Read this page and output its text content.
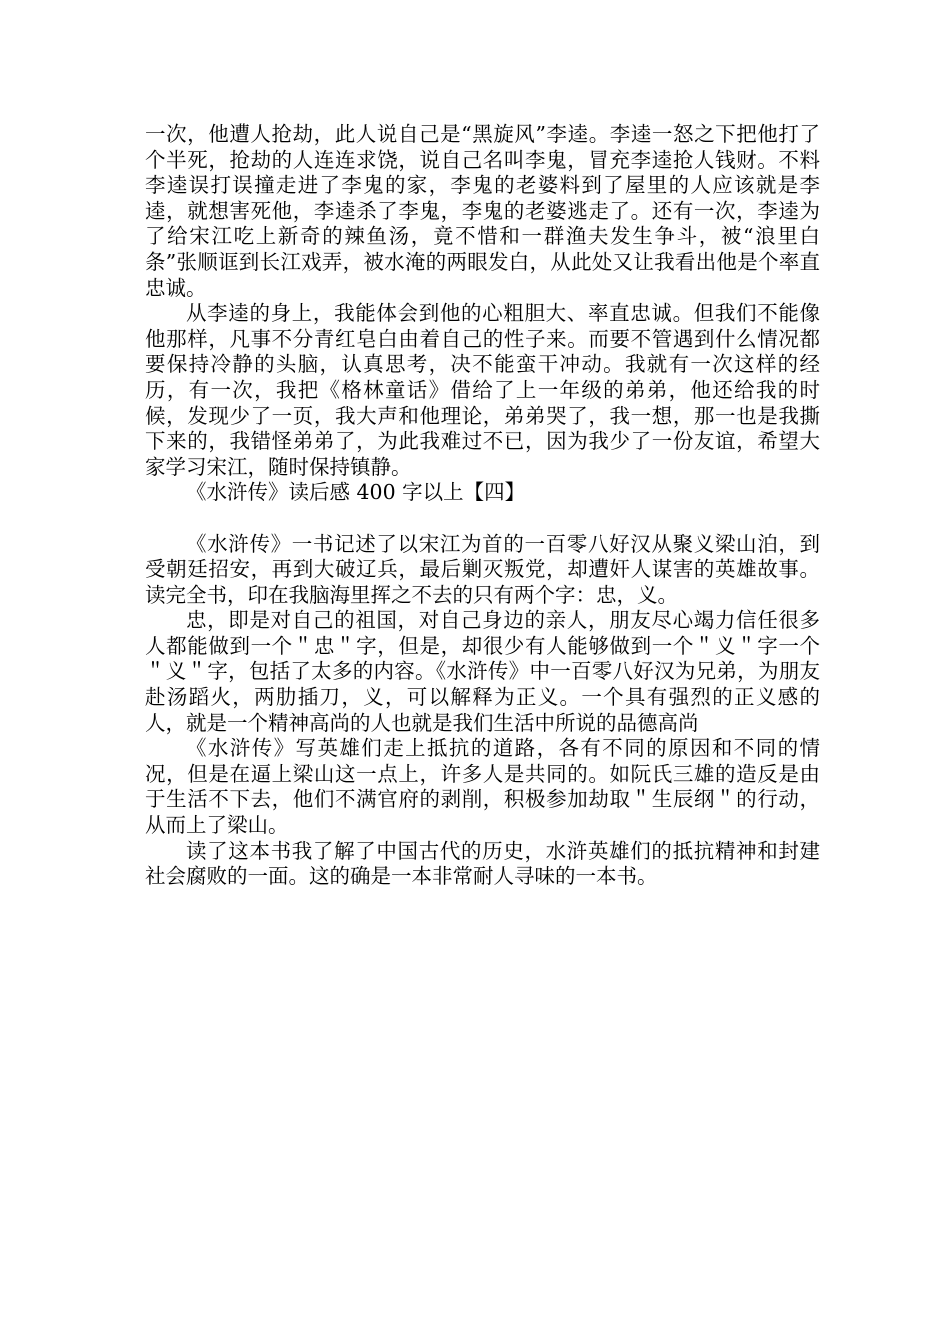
一次，他遭人抢劫，此人说自己是“黑旋风”李逵。李逵一怒之下把他打了个半死，抢劫的人连连求饶，说自己名叫李鬼，冒充李逵抢人钱财。不料李逵误打误撞走进了李鬼的家，李鬼的老婆料到了屋里的人应该就是李逵，就想害死他，李逵杀了李鬼，李鬼的老婆逃走了。还有一次，李逵为了给宋江吃上新奇的辣鱼汤，竟不惜和一群渔夫发生争斗，被“浪里白条”张顺诓到长江戏弄，被水淹的两眼发白，从此处又让我看出他是个率直忠诚。

从李逵的身上，我能体会到他的心粗胆大、率直忠诚。但我们不能像他那样，凡事不分青红皂白由着自己的性子来。而要不管遇到什么情况都要保持冷静的头脑，认真思考，决不能蛮干冲动。我就有一次这样的经历，有一次，我把《格林童话》借给了上一年级的弟弟，他还给我的时候，发现少了一页，我大声和他理论，弟弟哭了，我一想，那一也是我撕下来的，我错怪弟弟了，为此我难过不已，因为我少了一份友谊，希望大家学习宋江，随时保持镇静。

《水浒传》读后感 400 字以上【四】

《水浒传》一书记述了以宋江为首的一百零八好汉从聚义梁山泊，到受朝廷招安，再到大破辽兵，最后剿灭叛党，却遭奸人谋害的英雄故事。读完全书，印在我脑海里挥之不去的只有两个字：忠，义。

忠，即是对自己的祖国，对自己身边的亲人，朋友尽心竭力信任很多人都能做到一个＂忠＂字，但是，却很少有人能够做到一个＂义＂字一个＂义＂字，包括了太多的内容。《水浒传》中一百零八好汉为兄弟，为朋友赴汤蹈火，两肋插刀，义，可以解释为正义。一个具有强烈的正义感的人，就是一个精神高尚的人也就是我们生活中所说的品德高尚

《水浒传》写英雄们走上抵抗的道路，各有不同的原因和不同的情况，但是在逼上梁山这一点上，许多人是共同的。如阮氏三雄的造反是由于生活不下去，他们不满官府的剥削，积极参加劫取＂生辰纲＂的行动，从而上了梁山。

读了这本书我了解了中国古代的历史，水浒英雄们的抵抗精神和封建社会腐败的一面。这的确是一本非常耐人寻味的一本书。
